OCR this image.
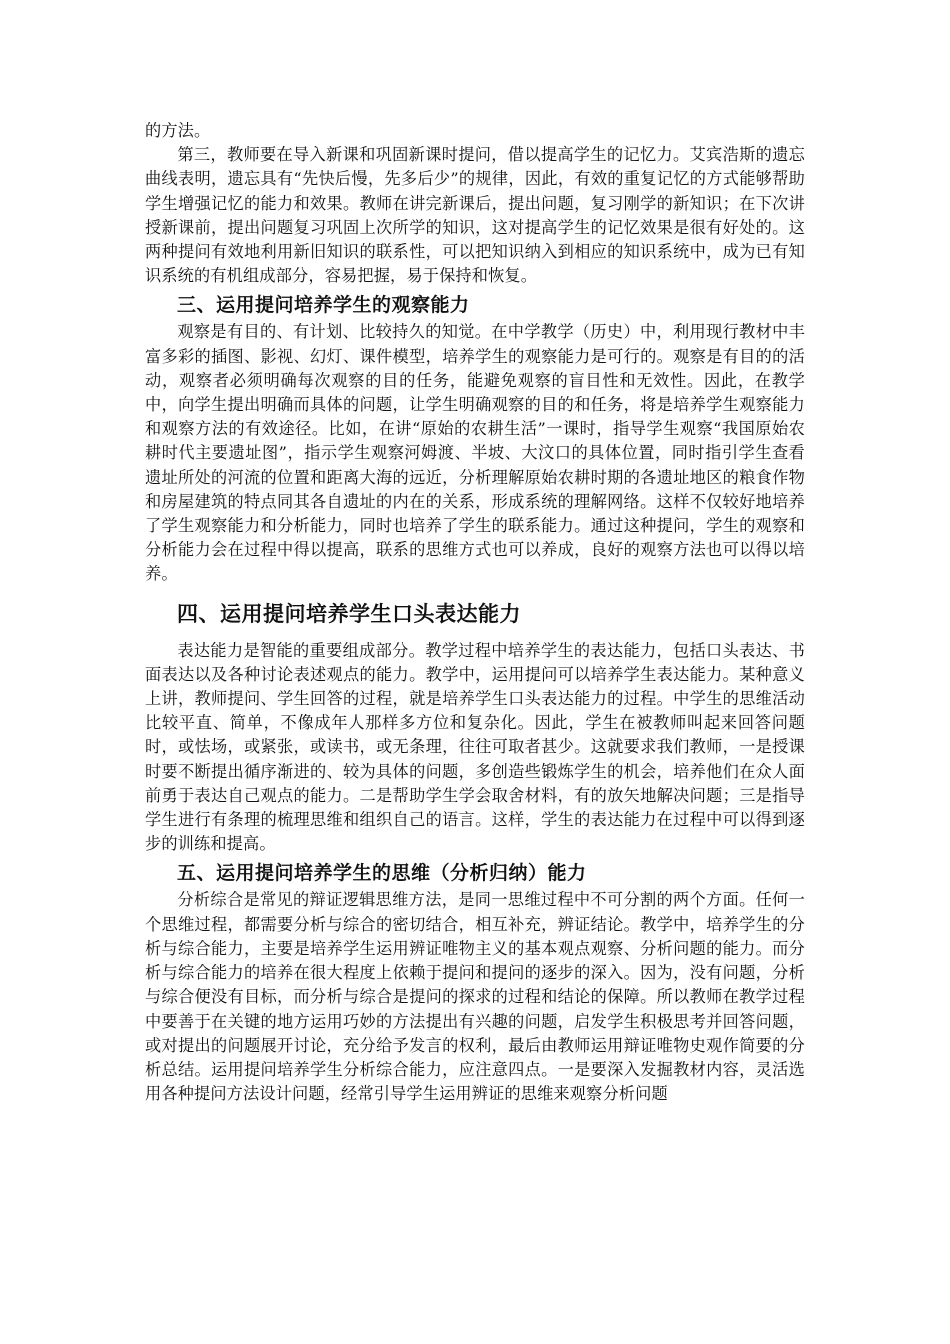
的方法。

第三，教师要在导入新课和巩固新课时提问，借以提高学生的记忆力。艾宾浩斯的遗忘曲线表明，遗忘具有“先快后慢，先多后少”的规律，因此，有效的重复记忆的方式能够帮助学生增强记忆的能力和效果。教师在讲完新课后，提出问题，复习刚学的新知识；在下次讲授新课前，提出问题复习巩固上次所学的知识，这对提高学生的记忆效果是很有好处的。这两种提问有效地利用新旧知识的联系性，可以把知识纳入到相应的知识系统中，成为已有知识系统的有机组成部分，容易把握，易于保持和恢复。

三、运用提问培养学生的观察能力

观察是有目的、有计划、比较持久的知觉。在中学教学（历史）中，利用现行教材中丰富多彩的插图、影视、幻灯、课件模型，培养学生的观察能力是可行的。观察是有目的的活动，观察者必须明确每次观察的目的任务，能避免观察的盲目性和无效性。因此，在教学中，向学生提出明确而具体的问题，让学生明确观察的目的和任务，将是培养学生观察能力和观察方法的有效途径。比如，在讲“原始的农耕生活”一课时，指导学生观察“我国原始农耕时代主要遗址图”，指示学生观察河姆渡、半坡、大汶口的具体位置，同时指引学生查看遗址所处的河流的位置和距离大海的远近，分析理解原始农耕时期的各遗址地区的粮食作物和房屋建筑的特点同其各自遗址的内在的关系，形成系统的理解网络。这样不仅较好地培养了学生观察能力和分析能力，同时也培养了学生的联系能力。通过这种提问，学生的观察和分析能力会在过程中得以提高，联系的思维方式也可以养成，良好的观察方法也可以得以培养。

四、运用提问培养学生口头表达能力

表达能力是智能的重要组成部分。教学过程中培养学生的表达能力，包括口头表达、书面表达以及各种讨论表述观点的能力。教学中，运用提问可以培养学生表达能力。某种意义上讲，教师提问、学生回答的过程，就是培养学生口头表达能力的过程。中学生的思维活动比较平直、简单，不像成年人那样多方位和复杂化。因此，学生在被教师叫起来回答问题时，或怯场，或紧张，或读书，或无条理，往往可取者甚少。这就要求我们教师，一是授课时要不断提出循序渐进的、较为具体的问题，多创造些锻炼学生的机会，培养他们在众人面前勇于表达自己观点的能力。二是帮助学生学会取舍材料，有的放矢地解决问题；三是指导学生进行有条理的梳理思维和组织自己的语言。这样，学生的表达能力在过程中可以得到逐步的训练和提高。

五、运用提问培养学生的思维（分析归纳）能力

分析综合是常见的辩证逻辑思维方法，是同一思维过程中不可分割的两个方面。任何一个思维过程，都需要分析与综合的密切结合，相互补充，辨证结论。教学中，培养学生的分析与综合能力，主要是培养学生运用辨证唯物主义的基本观点观察、分析问题的能力。而分析与综合能力的培养在很大程度上依赖于提问和提问的逐步的深入。因为，没有问题，分析与综合便没有目标，而分析与综合是提问的探求的过程和结论的保障。所以教师在教学过程中要善于在关键的地方运用巧妙的方法提出有兴趣的问题，启发学生积极思考并回答问题，或对提出的问题展开讨论，充分给予发言的权利，最后由教师运用辩证唯物史观作简要的分析总结。运用提问培养学生分析综合能力，应注意四点。一是要深入发掘教材内容，灵活选用各种提问方法设计问题，经常引导学生运用辨证的思维来观察分析问题
